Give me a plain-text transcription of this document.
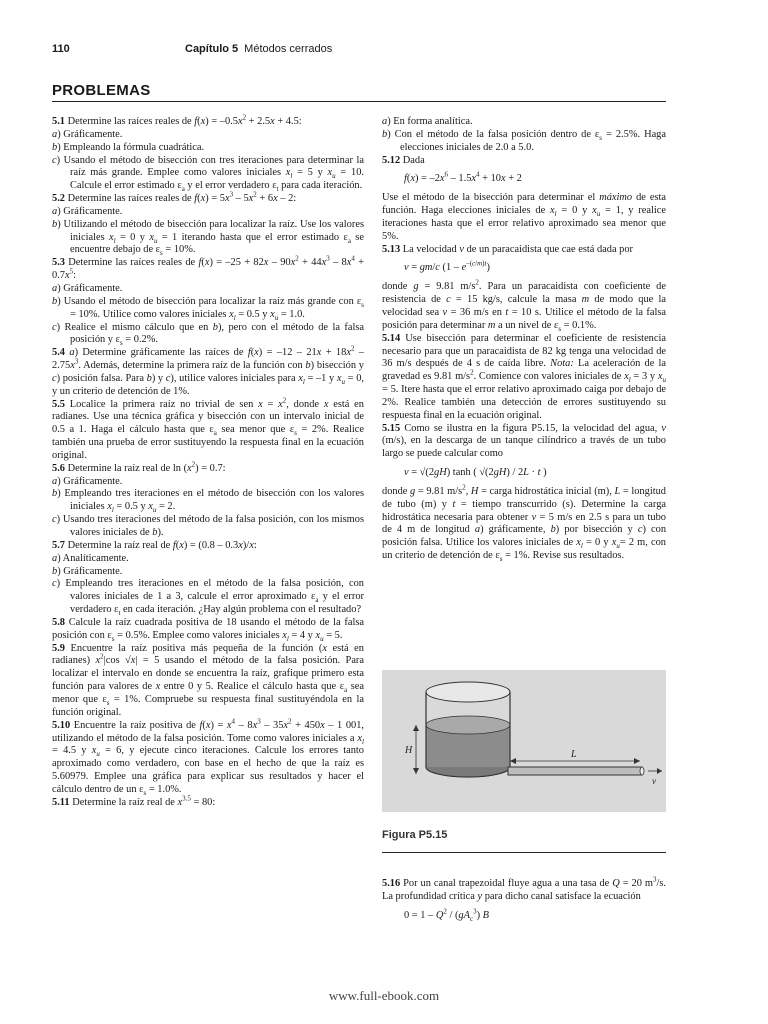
110	Capítulo 5 Métodos cerrados
PROBLEMAS

5.1 Determine las raíces reales de $f(x) = -0.5x^2 + 2.5x + 4.5$:

a) Gráficamente.

b) Empleando la fórmula cuadrática.

c) Usando el método de bisección con tres iteraciones para determinar la raíz más grande. Emplee como valores iniciales $x_l = 5$ y $x_u = 10$. Calcule el error estimado $\varepsilon_a$ y el error verdadero $\varepsilon_t$ para cada iteración.

5.2 Determine las raíces reales de $f(x) = 5x^3 - 5x^2 + 6x - 2$:

a) Gráficamente.

b) Utilizando el método de bisección para localizar la raíz. Use los valores iniciales $x_l = 0$ y $x_u = 1$ iterando hasta que el error estimado $\varepsilon_a$ se encuentre debajo de $\varepsilon_s = 10\%$.

5.3 Determine las raíces reales de $f(x) = -25 + 82x - 90x^2 + 44x^3 - 8x^4 + 0.7x^5$:

a) Gráficamente.

b) Usando el método de bisección para localizar la raíz más grande con $\varepsilon_s = 10\%$. Utilice como valores iniciales $x_l = 0.5$ y $x_u = 1.0$.

c) Realice el mismo cálculo que en b), pero con el método de la falsa posición y $\varepsilon_s = 0.2\%$.

5.4 a) Determine gráficamente las raíces de $f(x) = -12 - 21x + 18x^2 - 2.75x^3$. Además, determine la primera raíz de la función con b) bisección y c) posición falsa. Para b) y c), utilice valores iniciales para $x_l = -1$ y $x_u = 0$, y un criterio de detención de 1%.

5.5 Localice la primera raíz no trivial de sen $x = x^2$, donde x está en radianes. Use una técnica gráfica y bisección con un intervalo inicial de 0.5 a 1. Haga el cálculo hasta que $\varepsilon_a$ sea menor que $\varepsilon_s = 2\%$. Realice también una prueba de error sustituyendo la respuesta final en la ecuación original.

5.6 Determine la raíz real de $\ln (x^2) = 0.7$:

a) Gráficamente.

b) Empleando tres iteraciones en el método de bisección con los valores iniciales $x_l = 0.5$ y $x_u = 2$.

c) Usando tres iteraciones del método de la falsa posición, con los mismos valores iniciales de b).

5.7 Determine la raíz real de f(x) = (0.8 – 0.3x)/x:

a) Analíticamente.

b) Gráficamente.

c) Empleando tres iteraciones en el método de la falsa posición, con valores iniciales de 1 a 3, calcule el error aproximado $\varepsilon_a$ y el error verdadero $\varepsilon_t$ en cada iteración. ¿Hay algún problema con el resultado?

5.8 Calcule la raíz cuadrada positiva de 18 usando el método de la falsa posición con $\varepsilon_s = 0.5\%$. Emplee como valores iniciales $x_l = 4$ y $x_u = 5$.

5.9 Encuentre la raíz positiva más pequeña de la función (x está en radianes) $x^2|\cos$ √x| = 5 usando el método de la falsa posición. Para localizar el intervalo en donde se encuentra la raíz, grafique primero esta función para valores de x entre 0 y 5. Realice el cálculo hasta que $\varepsilon_a$ sea menor que $\varepsilon_s = 1\%$. Compruebe su respuesta final sustituyéndola en la función original.

5.10 Encuentre la raíz positiva de $f(x) = x^4 - 8x^3 - 35x^2 + 450x - 1$ 001, utilizando el método de la falsa posición. Tome como valores iniciales a $x_l = 4.5$ y $x_u = 6$, y ejecute cinco iteraciones. Calcule los errores tanto aproximado como verdadero, con base en el hecho de que la raíz es 5.60979. Emplee una gráfica para explicar sus resultados y hacer el cálculo dentro de un $\varepsilon_s = 1.0\%$.

5.11 Determine la raíz real de $x^{3.5} = 80$:

a) En forma analítica.

b) Con el método de la falsa posición dentro de $\varepsilon_s = 2.5\%$. Haga elecciones iniciales de 2.0 a 5.0.

5.12 Dada

$f(x) = -2x^6 - 1.5x^4 + 10x + 2$

Use el método de la bisección para determinar el máximo de esta función. Haga elecciones iniciales de $x_l = 0$ y $x_u = 1$, y realice iteraciones hasta que el error relativo aproximado sea menor que 5%.

5.13 La velocidad v de un paracaidista que cae está dada por

v = gm/c $(1 - e^{-(c/m)t})$

donde g = 9.81 $m/s^2$. Para un paracaidista con coeficiente de resistencia de c = 15 kg/s, calcule la masa m de modo que la velocidad sea v = 36 m/s en t = 10 s. Utilice el método de la falsa posición para determinar m a un nivel de $\varepsilon_s = 0.1\%$.

5.14 Use bisección para determinar el coeficiente de resistencia necesario para que un paracaidista de 82 kg tenga una velocidad de 36 m/s después de 4 s de caída libre. Nota: La aceleración de la gravedad es 9.81 $m/s^2$. Comience con valores iniciales de $x_l = 3$ y $x_u = 5$. Itere hasta que el error relativo aproximado caiga por debajo de 2%. Realice también una detección de errores sustituyendo su respuesta final en la ecuación original.

5.15 Como se ilustra en la figura P5.15, la velocidad del agua, v (m/s), en la descarga de un tanque cilíndrico a través de un tubo largo se puede calcular como

v = √(2gH) tanh ( √(2gH) / 2L · t )

donde g = 9.81 $m/s^2$, H = carga hidrostática inicial (m), L = longitud de tubo (m) y t = tiempo transcurrido (s). Determine la carga hidrostática necesaria para obtener v = 5 m/s en 2.5 s para un tubo de 4 m de longitud a) gráficamente, b) por bisección y c) con posición falsa. Utilice los valores iniciales de $x_l = 0$ y $x_u= 2$ m, con un criterio de detención de $\varepsilon_s = 1\%$. Revise sus resultados.

H	L
v
Figura P5.15

5.16 Por un canal trapezoidal fluye agua a una tasa de Q = 20 $m^3/s$. La profundidad crítica y para dicho canal satisface la ecuación

$0 = 1 - Q^2 / (gA_c^3)$ B

www.full-ebook.com
